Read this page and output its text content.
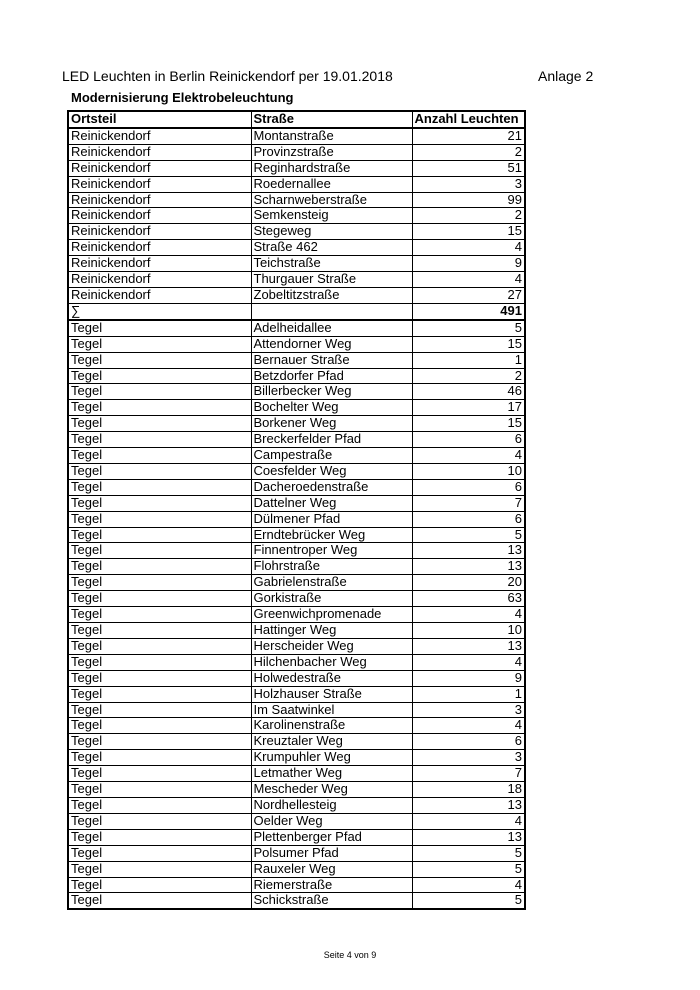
LED Leuchten in Berlin Reinickendorf per 19.01.2018	Anlage 2
Modernisierung Elektrobeleuchtung
Ortsteil	Straße	Anzahl Leuchten
Reinickendorf	Montanstraße	21
Reinickendorf	Provinzstraße	2
Reinickendorf	Reginhardstraße	51
Reinickendorf	Roedernallee	3
Reinickendorf	Scharnweberstraße	99
Reinickendorf	Semkensteig	2
Reinickendorf	Stegeweg	15
Reinickendorf	Straße 462	4
Reinickendorf	Teichstraße	9
Reinickendorf	Thurgauer Straße	4
Reinickendorf	Zobeltitzstraße	27
∑		491
Tegel	Adelheidallee	5
Tegel	Attendorner Weg	15
Tegel	Bernauer Straße	1
Tegel	Betzdorfer Pfad	2
Tegel	Billerbecker Weg	46
Tegel	Bochelter Weg	17
Tegel	Borkener Weg	15
Tegel	Breckerfelder Pfad	6
Tegel	Campestraße	4
Tegel	Coesfelder Weg	10
Tegel	Dacheroedenstraße	6
Tegel	Dattelner Weg	7
Tegel	Dülmener Pfad	6
Tegel	Erndtebrücker Weg	5
Tegel	Finnentroper Weg	13
Tegel	Flohrstraße	13
Tegel	Gabrielenstraße	20
Tegel	Gorkistraße	63
Tegel	Greenwichpromenade	4
Tegel	Hattinger Weg	10
Tegel	Herscheider Weg	13
Tegel	Hilchenbacher Weg	4
Tegel	Holwedestraße	9
Tegel	Holzhauser Straße	1
Tegel	Im Saatwinkel	3
Tegel	Karolinenstraße	4
Tegel	Kreuztaler Weg	6
Tegel	Krumpuhler Weg	3
Tegel	Letmather Weg	7
Tegel	Mescheder Weg	18
Tegel	Nordhellesteig	13
Tegel	Oelder Weg	4
Tegel	Plettenberger Pfad	13
Tegel	Polsumer Pfad	5
Tegel	Rauxeler Weg	5
Tegel	Riemerstraße	4
Tegel	Schickstraße	5
Seite 4 von 9
